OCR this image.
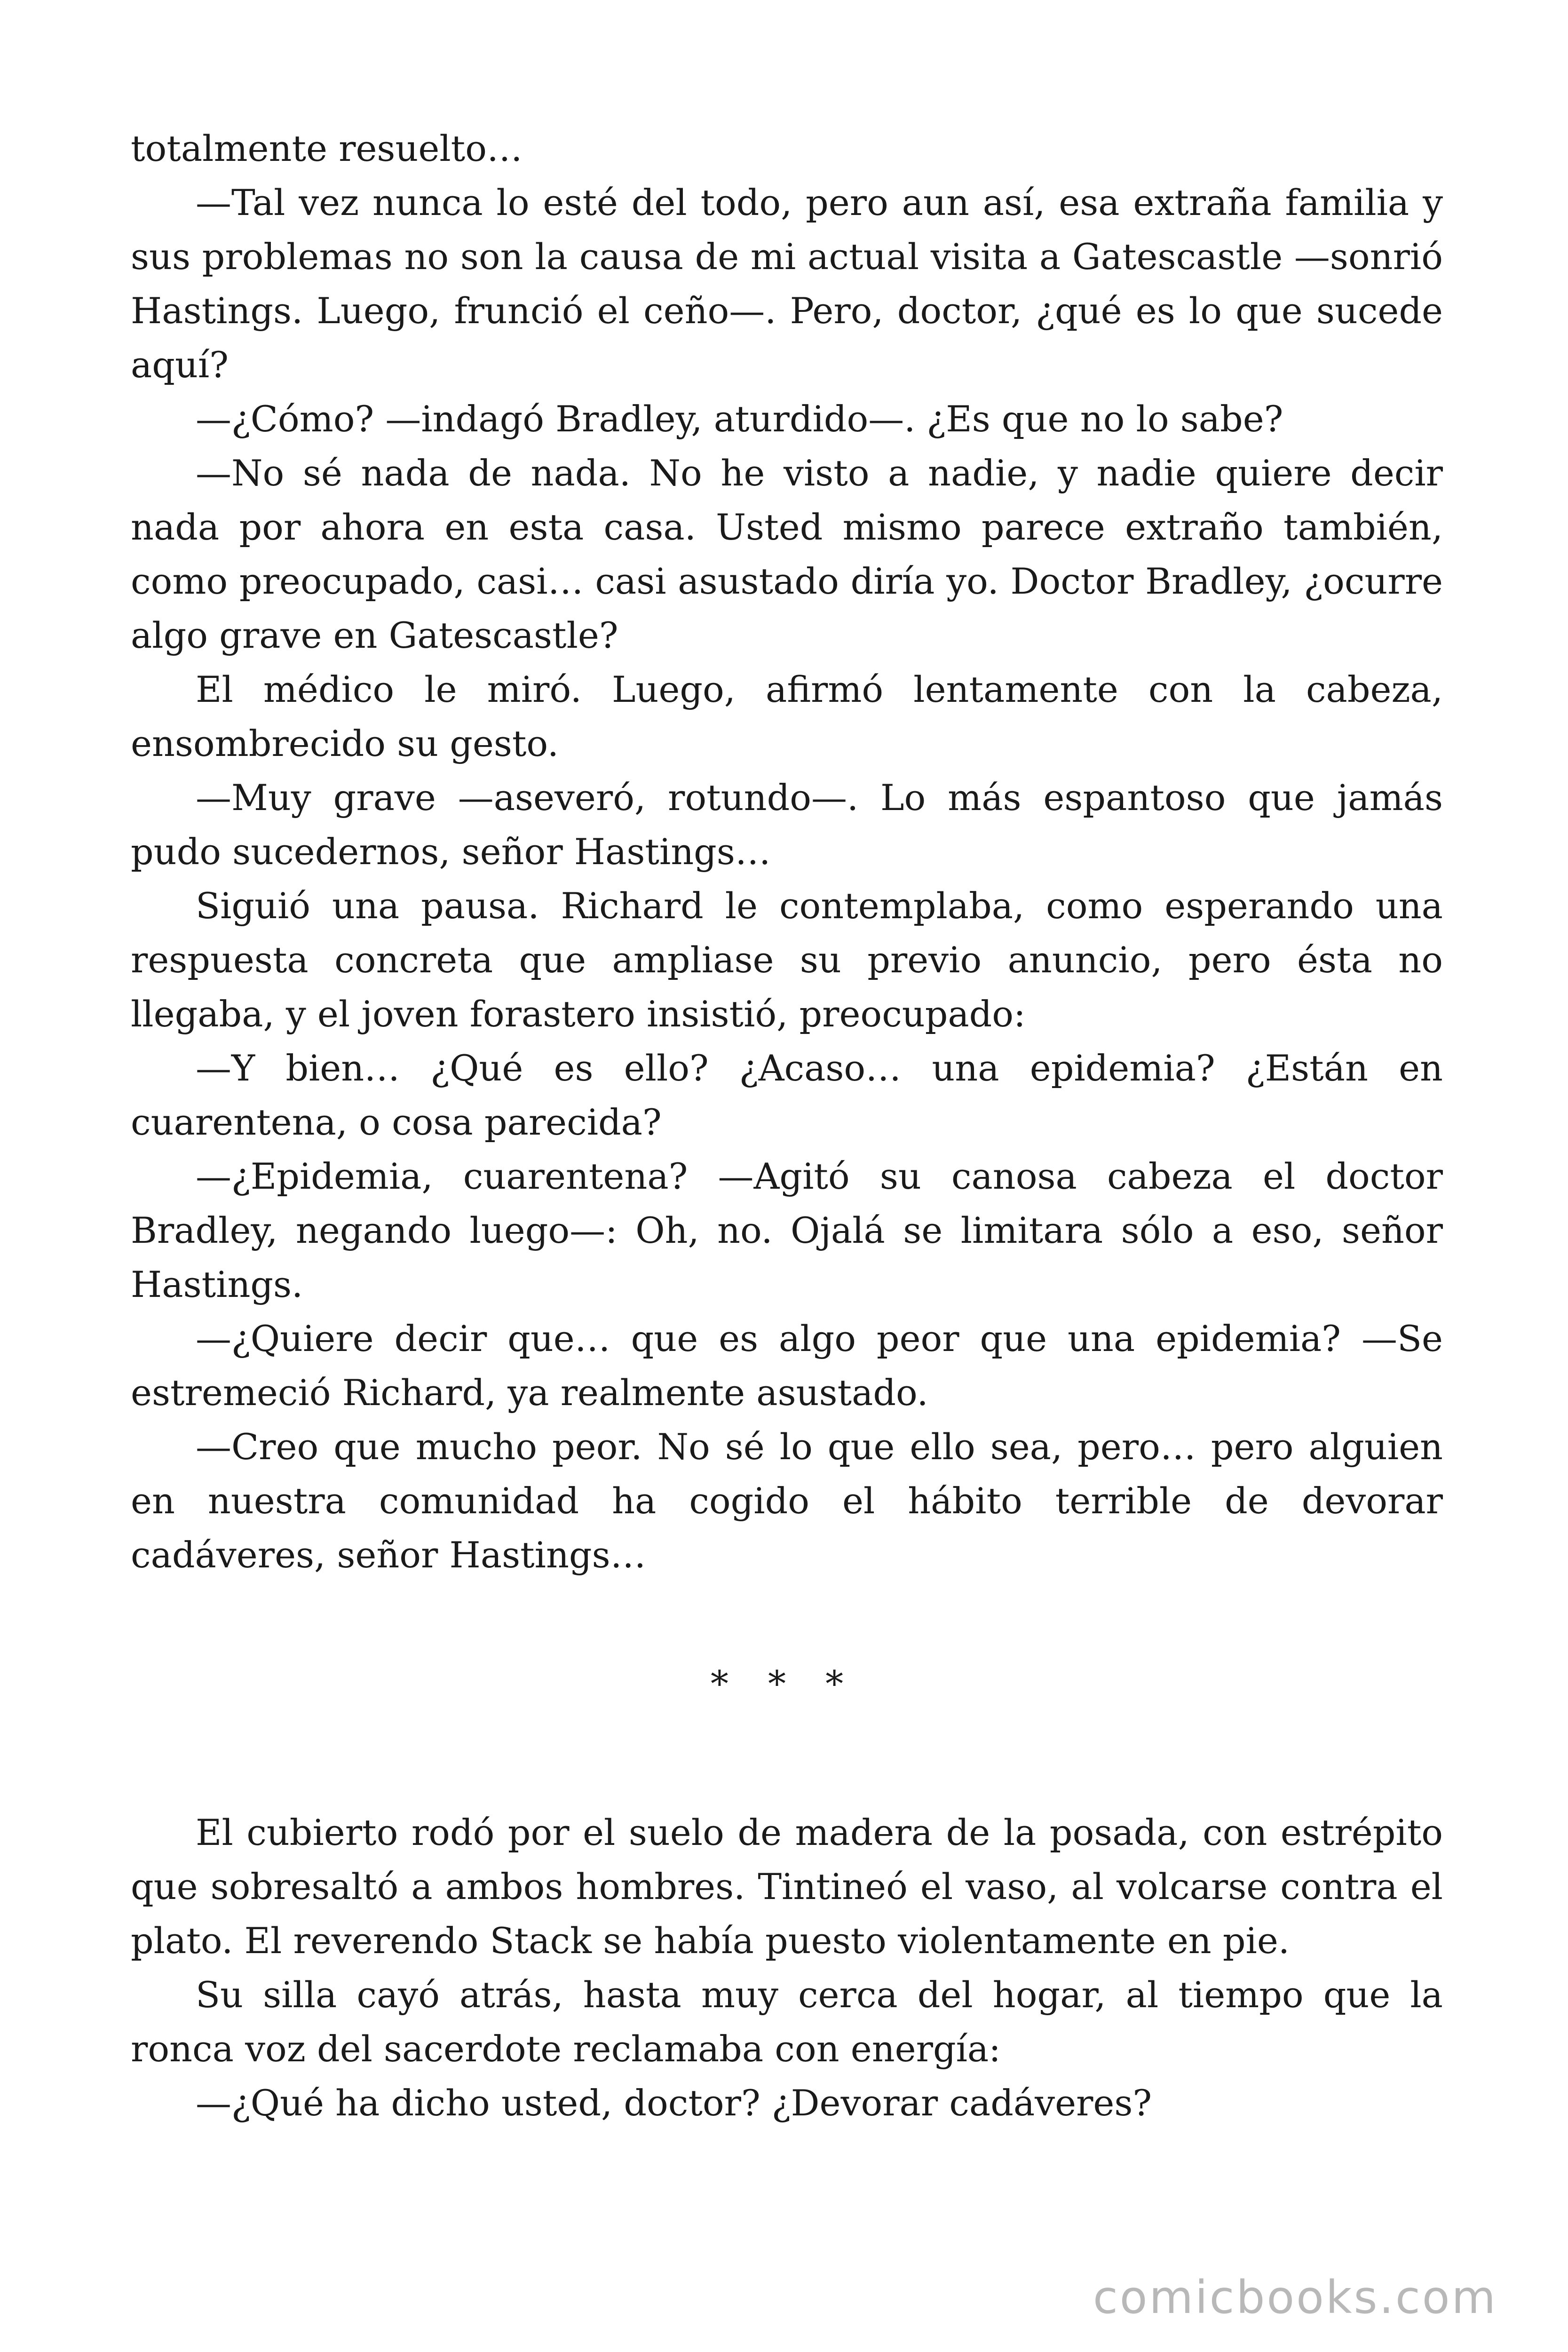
totalmente resuelto…

—Tal vez nunca lo esté del todo, pero aun así, esa extraña familia y sus problemas no son la causa de mi actual visita a Gatescastle —sonrió Hastings. Luego, frunció el ceño—. Pero, doctor, ¿qué es lo que sucede aquí?

—¿Cómo? —indagó Bradley, aturdido—. ¿Es que no lo sabe?

—No sé nada de nada. No he visto a nadie, y nadie quiere decir nada por ahora en esta casa. Usted mismo parece extraño también, como preocupado, casi… casi asustado diría yo. Doctor Bradley, ¿ocurre algo grave en Gatescastle?

El médico le miró. Luego, afirmó lentamente con la cabeza, ensombrecido su gesto.

—Muy grave —aseveró, rotundo—. Lo más espantoso que jamás pudo sucedernos, señor Hastings…

Siguió una pausa. Richard le contemplaba, como esperando una respuesta concreta que ampliase su previo anuncio, pero ésta no llegaba, y el joven forastero insistió, preocupado:

—Y bien… ¿Qué es ello? ¿Acaso… una epidemia? ¿Están en cuarentena, o cosa parecida?

—¿Epidemia, cuarentena? —Agitó su canosa cabeza el doctor Bradley, negando luego—: Oh, no. Ojalá se limitara sólo a eso, señor Hastings.

—¿Quiere decir que… que es algo peor que una epidemia? —Se estremeció Richard, ya realmente asustado.

—Creo que mucho peor. No sé lo que ello sea, pero… pero alguien en nuestra comunidad ha cogido el hábito terrible de devorar cadáveres, señor Hastings…

* * *

El cubierto rodó por el suelo de madera de la posada, con estrépito que sobresaltó a ambos hombres. Tintineó el vaso, al volcarse contra el plato. El reverendo Stack se había puesto violentamente en pie.

Su silla cayó atrás, hasta muy cerca del hogar, al tiempo que la ronca voz del sacerdote reclamaba con energía:

—¿Qué ha dicho usted, doctor? ¿Devorar cadáveres?

comicbooks.com
